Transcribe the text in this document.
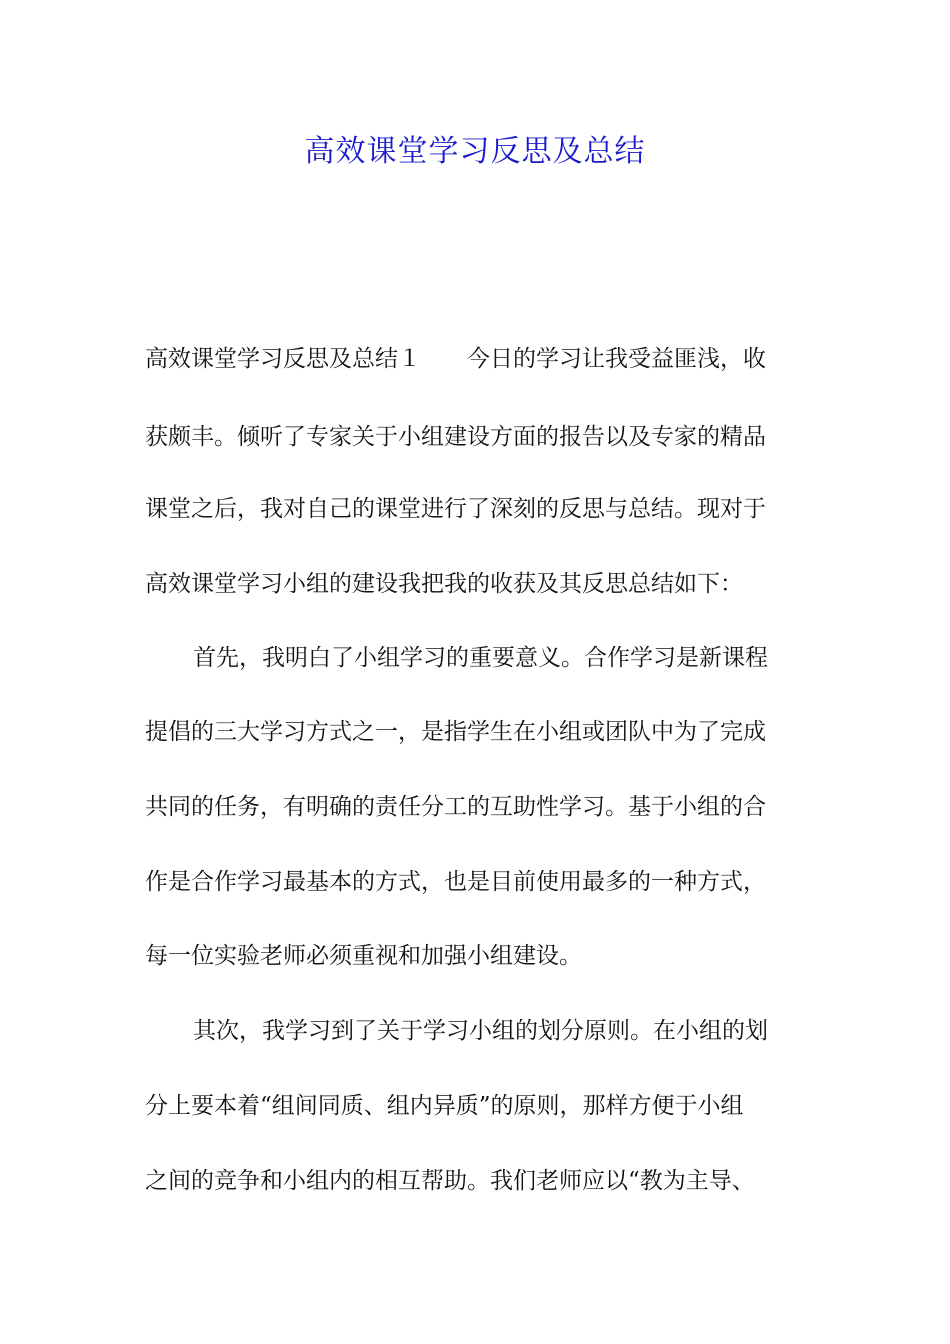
高效课堂学习反思及总结
高效课堂学习反思及总结１　　今日的学习让我受益匪浅，收
获颇丰。倾听了专家关于小组建设方面的报告以及专家的精品
课堂之后，我对自己的课堂进行了深刻的反思与总结。现对于
高效课堂学习小组的建设我把我的收获及其反思总结如下：
首先，我明白了小组学习的重要意义。合作学习是新课程
提倡的三大学习方式之一，是指学生在小组或团队中为了完成
共同的任务，有明确的责任分工的互助性学习。基于小组的合
作是合作学习最基本的方式，也是目前使用最多的一种方式，
每一位实验老师必须重视和加强小组建设。
其次，我学习到了关于学习小组的划分原则。在小组的划
分上要本着“组间同质、组内异质”的原则，那样方便于小组
之间的竞争和小组内的相互帮助。我们老师应以“教为主导、
